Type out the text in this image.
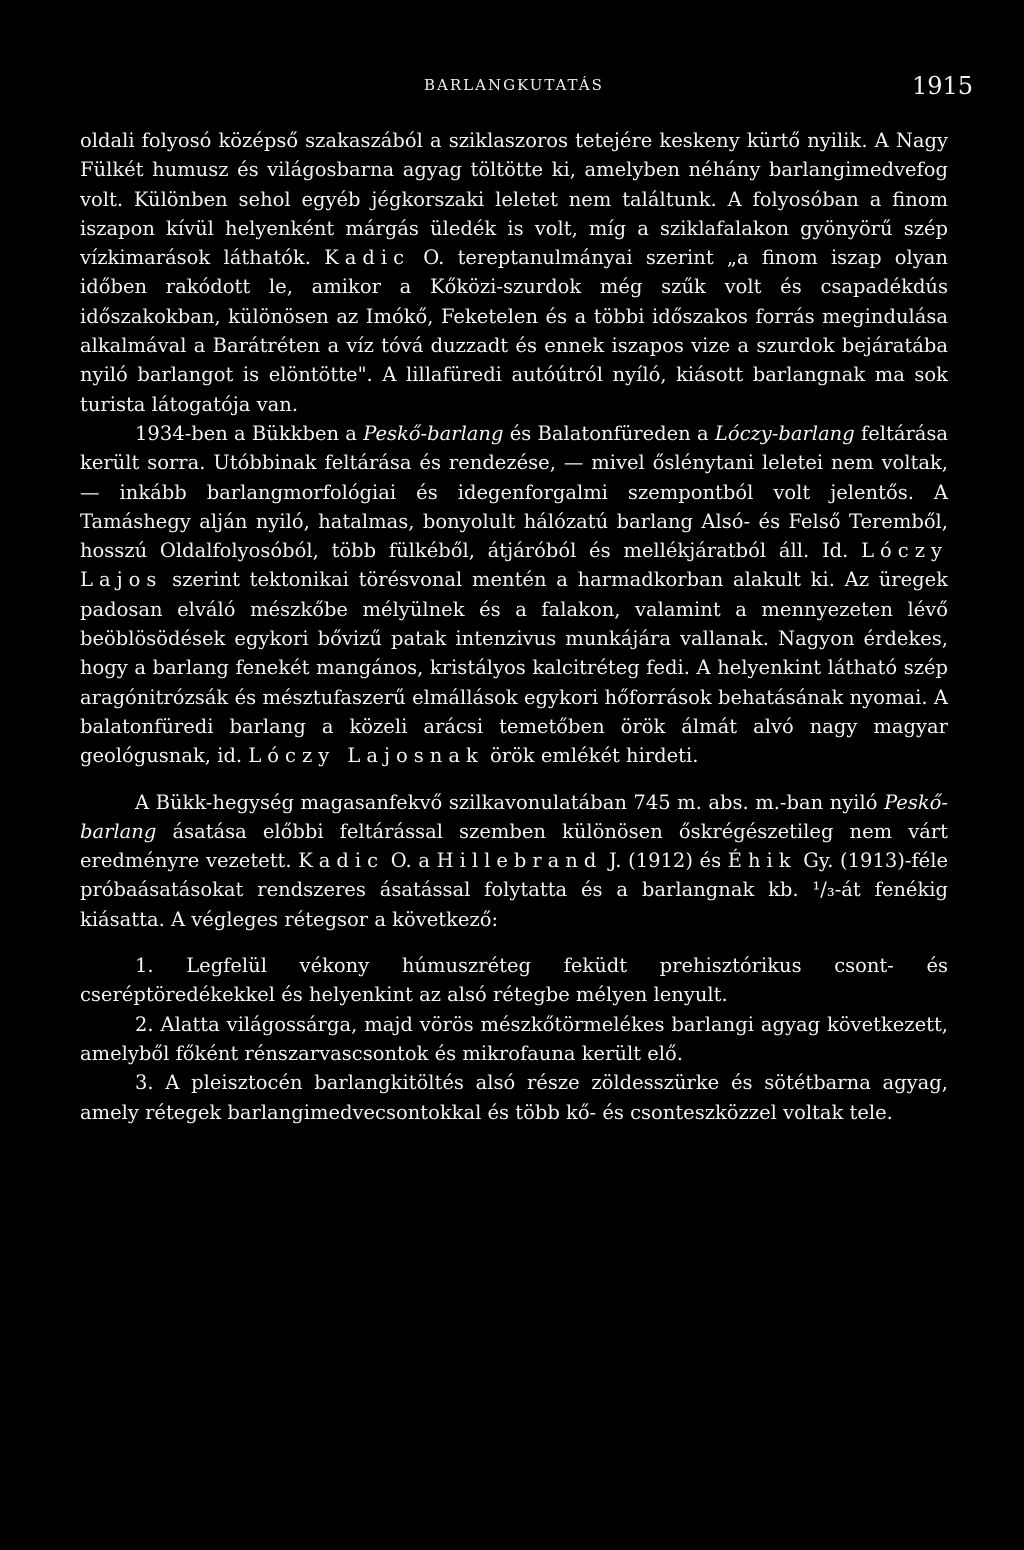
BARLANGKUTATÁS	1915

oldali folyosó középső szakaszából a sziklaszoros tetejére keskeny kürtő nyilik. A Nagy Fülkét humusz és világosbarna agyag töltötte ki, amelyben néhány barlangimedvefog volt. Különben sehol egyéb jégkorszaki leletet nem találtunk. A folyosóban a finom iszapon kívül helyenként márgás üledék is volt, míg a sziklafalakon gyönyörű szép vízkimarások láthatók. Kadic O. tereptanulmányai szerint „a finom iszap olyan időben rakódott le, amikor a Kőközi-szurdok még szűk volt és csapadékdús időszakokban, különösen az Imókő, Feketelen és a többi időszakos forrás megindulása alkalmával a Barátréten a víz tóvá duzzadt és ennek iszapos vize a szurdok bejáratába nyiló barlangot is elöntötte". A lillafüredi autóútról nyíló, kiásott barlangnak ma sok turista látogatója van.

1934-ben a Bükkben a Peskő-barlang és Balatonfüreden a Lóczy-barlang feltárása került sorra. Utóbbinak feltárása és rendezése, — mivel őslénytani leletei nem voltak, — inkább barlangmorfológiai és idegenforgalmi szempontból volt jelentős. A Tamáshegy alján nyiló, hatalmas, bonyolult hálózatú barlang Alsó- és Felső Teremből, hosszú Oldalfolyosóból, több fülkéből, átjáróból és mellékjáratból áll. Id. Lóczy Lajos szerint tektonikai törésvonal mentén a harmadkorban alakult ki. Az üregek padosan elváló mészkőbe mélyülnek és a falakon, valamint a mennyezeten lévő beöblösödések egykori bővizű patak intenzivus munkájára vallanak. Nagyon érdekes, hogy a barlang fenekét mangános, kristályos kalcitréteg fedi. A helyenkint látható szép aragónitrózsák és mésztufaszerű elmállások egykori hőforrások behatásának nyomai. A balatonfüredi barlang a közeli arácsi temetőben örök álmát alvó nagy magyar geológusnak, id. Lóczy Lajosnak örök emlékét hirdeti.

A Bükk-hegység magasanfekvő szilkavonulatában 745 m. abs. m.-ban nyiló Peskő-barlang ásatása előbbi feltárással szemben különösen őskrégészetileg nem várt eredményre vezetett. Kadic O. a Hillebrand J. (1912) és Éhik Gy. (1913)-féle próbaásatásokat rendszeres ásatással folytatta és a barlangnak kb. ¹/₃-át fenékig kiásatta. A végleges rétegsor a következő:

1. Legfelül vékony húmuszréteg feküdt prehisztórikus csont- és cseréptöredékekkel és helyenkint az alsó rétegbe mélyen lenyult.

2. Alatta világossárga, majd vörös mészkőtörmelékes barlangi agyag következett, amelyből főként rénszarvascsontok és mikrofauna került elő.

3. A pleisztocén barlangkitöltés alsó része zöldesszürke és sötétbarna agyag, amely rétegek barlangimedvecsontokkal és több kő- és csonteszközzel voltak tele.
